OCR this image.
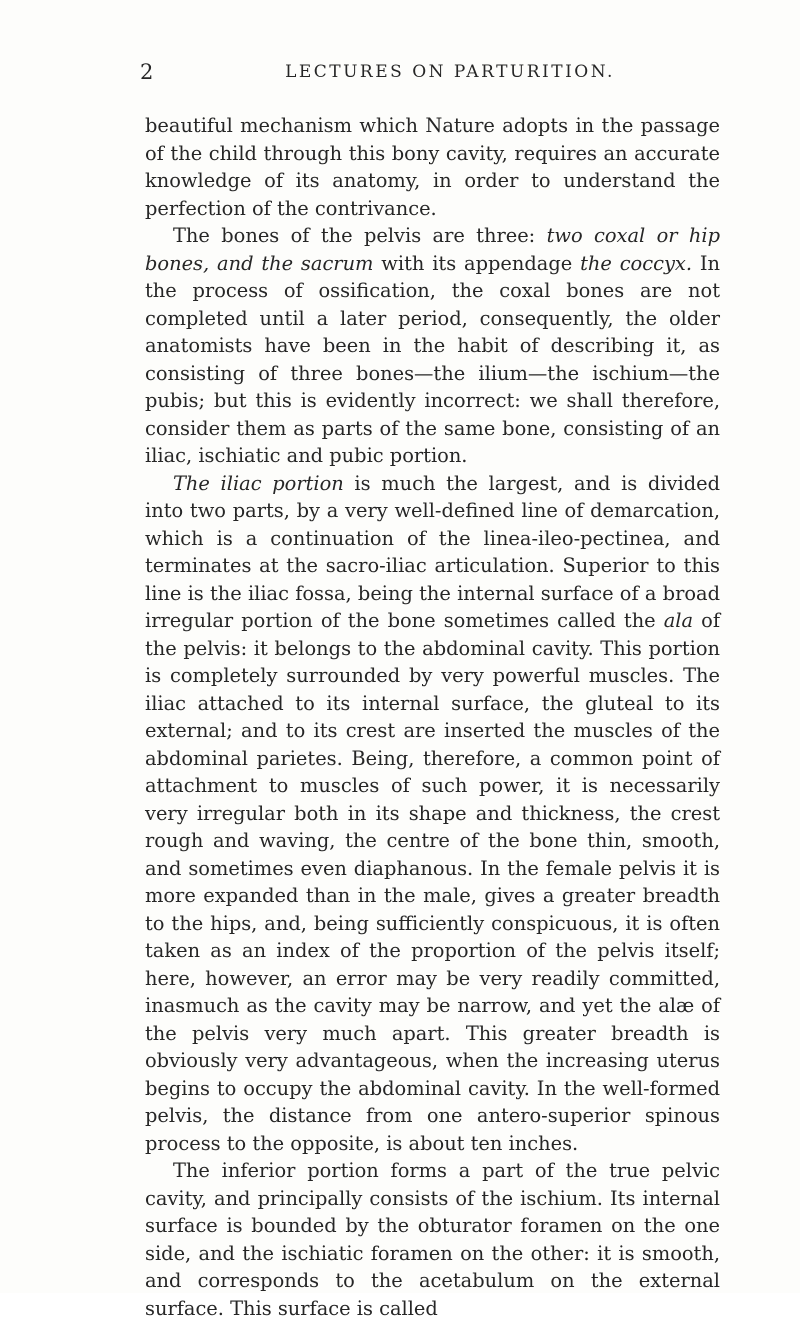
2	LECTURES ON PARTURITION.

beautiful mechanism which Nature adopts in the passage of the child through this bony cavity, requires an accurate knowledge of its anatomy, in order to understand the perfection of the contrivance.

The bones of the pelvis are three: two coxal or hip bones, and the sacrum with its appendage the coccyx. In the process of ossification, the coxal bones are not completed until a later period, consequently, the older anatomists have been in the habit of describing it, as consisting of three bones—the ilium—the ischium—the pubis; but this is evidently incorrect: we shall therefore, consider them as parts of the same bone, consisting of an iliac, ischiatic and pubic portion.

The iliac portion is much the largest, and is divided into two parts, by a very well-defined line of demarcation, which is a continuation of the linea-ileo-pectinea, and terminates at the sacro-iliac articulation. Superior to this line is the iliac fossa, being the internal surface of a broad irregular portion of the bone sometimes called the ala of the pelvis: it belongs to the abdominal cavity. This portion is completely surrounded by very powerful muscles. The iliac attached to its internal surface, the gluteal to its external; and to its crest are inserted the muscles of the abdominal parietes. Being, therefore, a common point of attachment to muscles of such power, it is necessarily very irregular both in its shape and thickness, the crest rough and waving, the centre of the bone thin, smooth, and sometimes even diaphanous. In the female pelvis it is more expanded than in the male, gives a greater breadth to the hips, and, being sufficiently conspicuous, it is often taken as an index of the proportion of the pelvis itself; here, however, an error may be very readily committed, inasmuch as the cavity may be narrow, and yet the alæ of the pelvis very much apart. This greater breadth is obviously very advantageous, when the increasing uterus begins to occupy the abdominal cavity. In the well-formed pelvis, the distance from one antero-superior spinous process to the opposite, is about ten inches.

The inferior portion forms a part of the true pelvic cavity, and principally consists of the ischium. Its internal surface is bounded by the obturator foramen on the one side, and the ischiatic foramen on the other: it is smooth, and corresponds to the acetabulum on the external surface. This surface is called
